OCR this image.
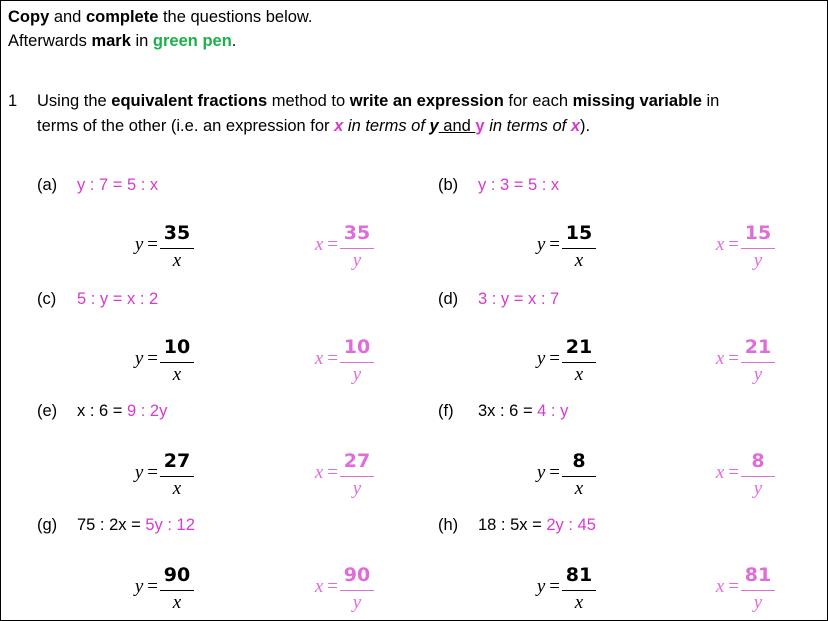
Copy and complete the questions below.
Afterwards mark in green pen.
1 Using the equivalent fractions method to write an expression for each missing variable in
terms of the other (i.e. an expression for x in terms of y and y in terms of x).
(a) y : 7 = 5 : x
y =
35
x
x =
35
y
(b) y : 3 = 5 : x
y =
15
x
x =
15
y
(c) 5 : y = x : 2
y =
10
x
x =
10
y
(d) 3 : y = x : 7
y =
21
x
x =
21
y
(e) x : 6 = 9 : 2y
y =
27
x
x =
27
y
(f) 3x : 6 = 4 : y
y =
8
x
x =
8
y
(g) 75 : 2x = 5y : 12
y =
90
x
x =
90
y
(h) 18 : 5x = 2y : 45
y =
81
x
x =
81
y
